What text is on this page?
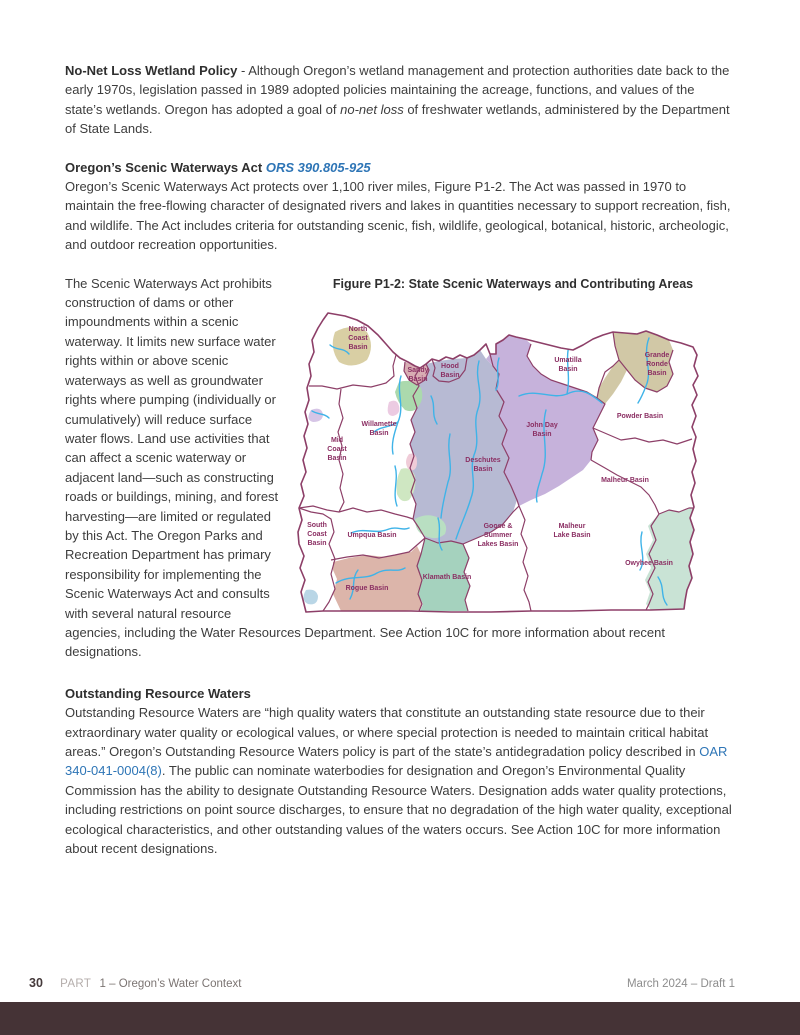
No-Net Loss Wetland Policy - Although Oregon’s wetland management and protection authorities date back to the early 1970s, legislation passed in 1989 adopted policies maintaining the acreage, functions, and values of the state’s wetlands. Oregon has adopted a goal of no-net loss of freshwater wetlands, administered by the Department of State Lands.

Oregon’s Scenic Waterways Act ORS 390.805-925

Oregon’s Scenic Waterways Act protects over 1,100 river miles, Figure P1-2. The Act was passed in 1970 to maintain the free-flowing character of designated rivers and lakes in quantities necessary to support recreation, fish, and wildlife. The Act includes criteria for outstanding scenic, fish, wildlife, geological, botanical, historic, archeologic, and outdoor recreation opportunities.

Figure P1-2: State Scenic Waterways and Contributing Areas
North
Coast
Basin
Sandy
Basin
Hood
Basin
Umatilla
Basin
Grande
Ronde
Basin
Powder Basin
Willamette
Basin
Mid
Coast
Basin
John Day
Basin
Deschutes
Basin
Malheur Basin
South
Coast
Basin
Umpqua Basin
Goose &
Summer
Lakes Basin
Malheur
Lake Basin
Owyhee Basin
Rogue Basin
Klamath Basin

The Scenic Waterways Act prohibits construction of dams or other impoundments within a scenic waterway. It limits new surface water rights within or above scenic waterways as well as groundwater rights where pumping (individually or cumulatively) will reduce surface water flows. Land use activities that can affect a scenic waterway or adjacent land—such as constructing roads or buildings, mining, and forest harvesting—are limited or regulated by this Act. The Oregon Parks and Recreation Department has primary responsibility for implementing the Scenic Waterways Act and consults with several natural resource agencies, including the Water Resources Department. See Action 10C for more information about recent designations.

Outstanding Resource Waters

Outstanding Resource Waters are “high quality waters that constitute an outstanding state resource due to their extraordinary water quality or ecological values, or where special protection is needed to maintain critical habitat areas.” Oregon’s Outstanding Resource Waters policy is part of the state’s antidegradation policy described in OAR 340-041-0004(8). The public can nominate waterbodies for designation and Oregon’s Environmental Quality Commission has the ability to designate Outstanding Resource Waters. Designation adds water quality protections, including restrictions on point source discharges, to ensure that no degradation of the high water quality, exceptional ecological characteristics, and other outstanding values of the waters occurs. See Action 10C for more information about recent designations.

30 PART 1 – Oregon’s Water Context	March 2024 – Draft 1
